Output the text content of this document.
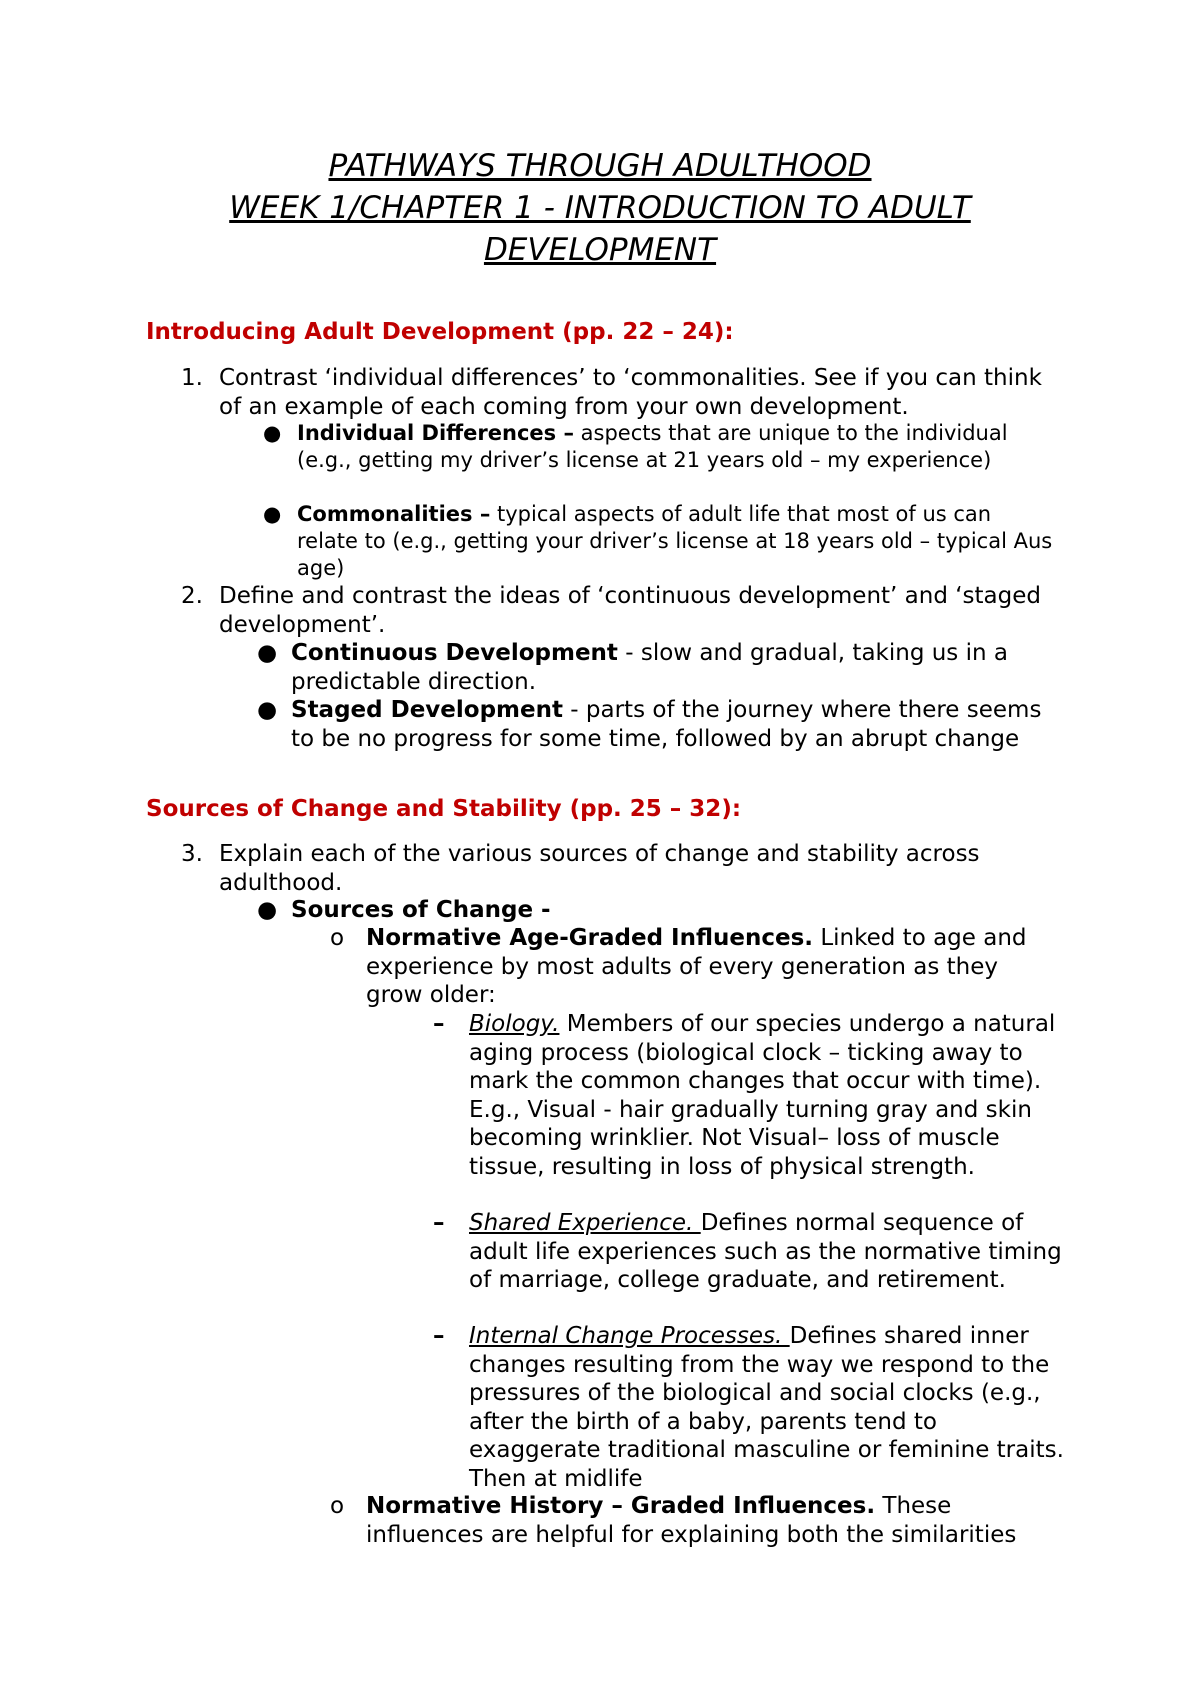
PATHWAYS THROUGH ADULTHOOD
WEEK 1/CHAPTER 1 - INTRODUCTION TO ADULT
DEVELOPMENT
Introducing Adult Development (pp. 22 – 24):
1. Contrast ‘individual differences’ to ‘commonalities. See if you can think of an example of each coming from your own development.
● Individual Differences – aspects that are unique to the individual (e.g., getting my driver’s license at 21 years old – my experience)
● Commonalities – typical aspects of adult life that most of us can relate to (e.g., getting your driver’s license at 18 years old – typical Aus age)
2. Define and contrast the ideas of ‘continuous development’ and ‘staged development’.
● Continuous Development - slow and gradual, taking us in a predictable direction.
● Staged Development - parts of the journey where there seems to be no progress for some time, followed by an abrupt change
Sources of Change and Stability (pp. 25 – 32):
3. Explain each of the various sources of change and stability across adulthood.
● Sources of Change -
o Normative Age-Graded Influences. Linked to age and experience by most adults of every generation as they grow older:
– Biology. Members of our species undergo a natural aging process (biological clock – ticking away to mark the common changes that occur with time). E.g., Visual - hair gradually turning gray and skin becoming wrinklier. Not Visual– loss of muscle tissue, resulting in loss of physical strength.
– Shared Experience. Defines normal sequence of adult life experiences such as the normative timing of marriage, college graduate, and retirement.
– Internal Change Processes. Defines shared inner changes resulting from the way we respond to the pressures of the biological and social clocks (e.g., after the birth of a baby, parents tend to exaggerate traditional masculine or feminine traits. Then at midlife
o Normative History – Graded Influences. These influences are helpful for explaining both the similarities
